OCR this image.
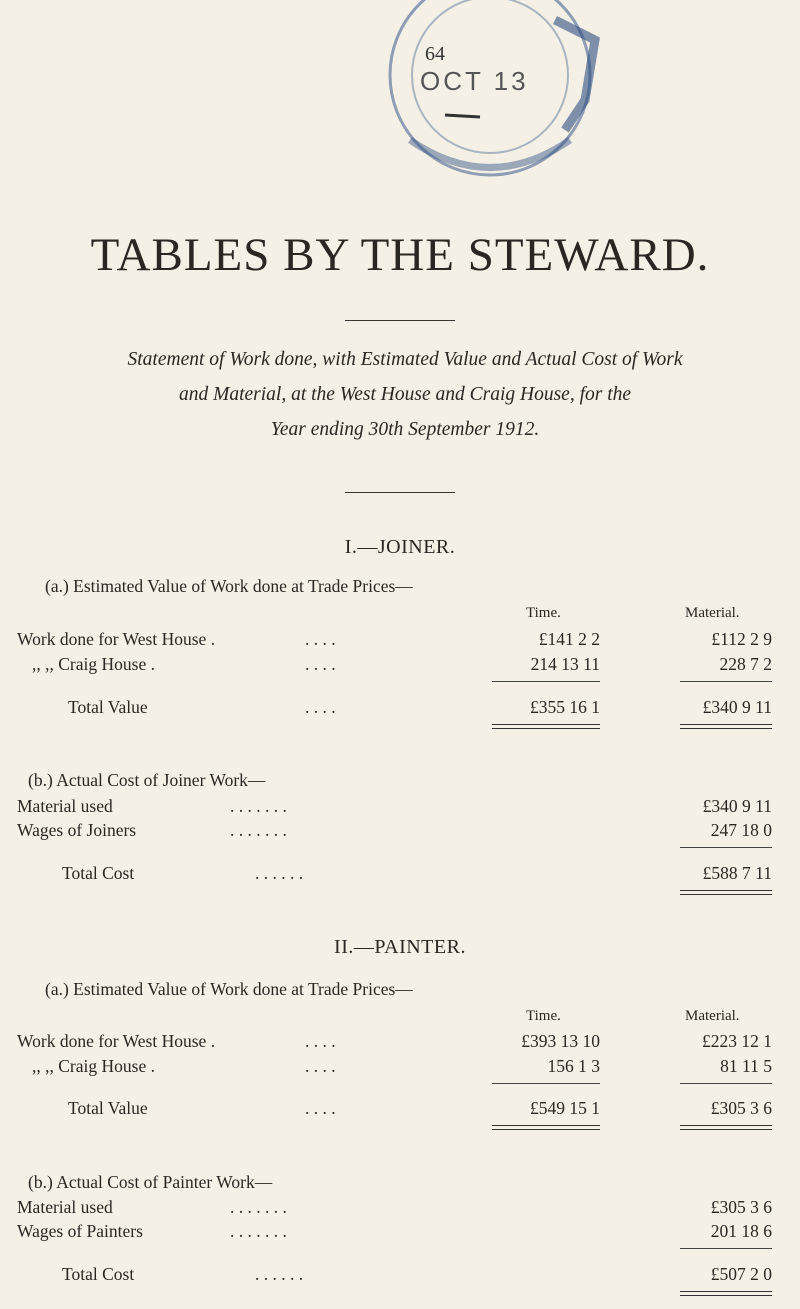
64
OCT 13
TABLES BY THE STEWARD.
Statement of Work done, with Estimated Value and Actual Cost of Work
and Material, at the West House and Craig House, for the
Year ending 30th September 1912.
I.—JOINER.
(a.) Estimated Value of Work done at Trade Prices—
Time.	Material.
Work done for West House .	. . . .	£141 2 2	£112 2 9
,, ,, Craig House .	. . . .	214 13 11	228 7 2
Total Value	. . . .	£355 16 1	£340 9 11
(b.) Actual Cost of Joiner Work—
Material used	. . . . . . .	£340 9 11
Wages of Joiners	. . . . . . .	247 18 0
Total Cost	. . . . . .	£588 7 11
II.—PAINTER.
(a.) Estimated Value of Work done at Trade Prices—
Time.	Material.
Work done for West House .	. . . .	£393 13 10	£223 12 1
,, ,, Craig House .	. . . .	156 1 3	81 11 5
Total Value	. . . .	£549 15 1	£305 3 6
(b.) Actual Cost of Painter Work—
Material used	. . . . . . .	£305 3 6
Wages of Painters	. . . . . . .	201 18 6
Total Cost	. . . . . .	£507 2 0
